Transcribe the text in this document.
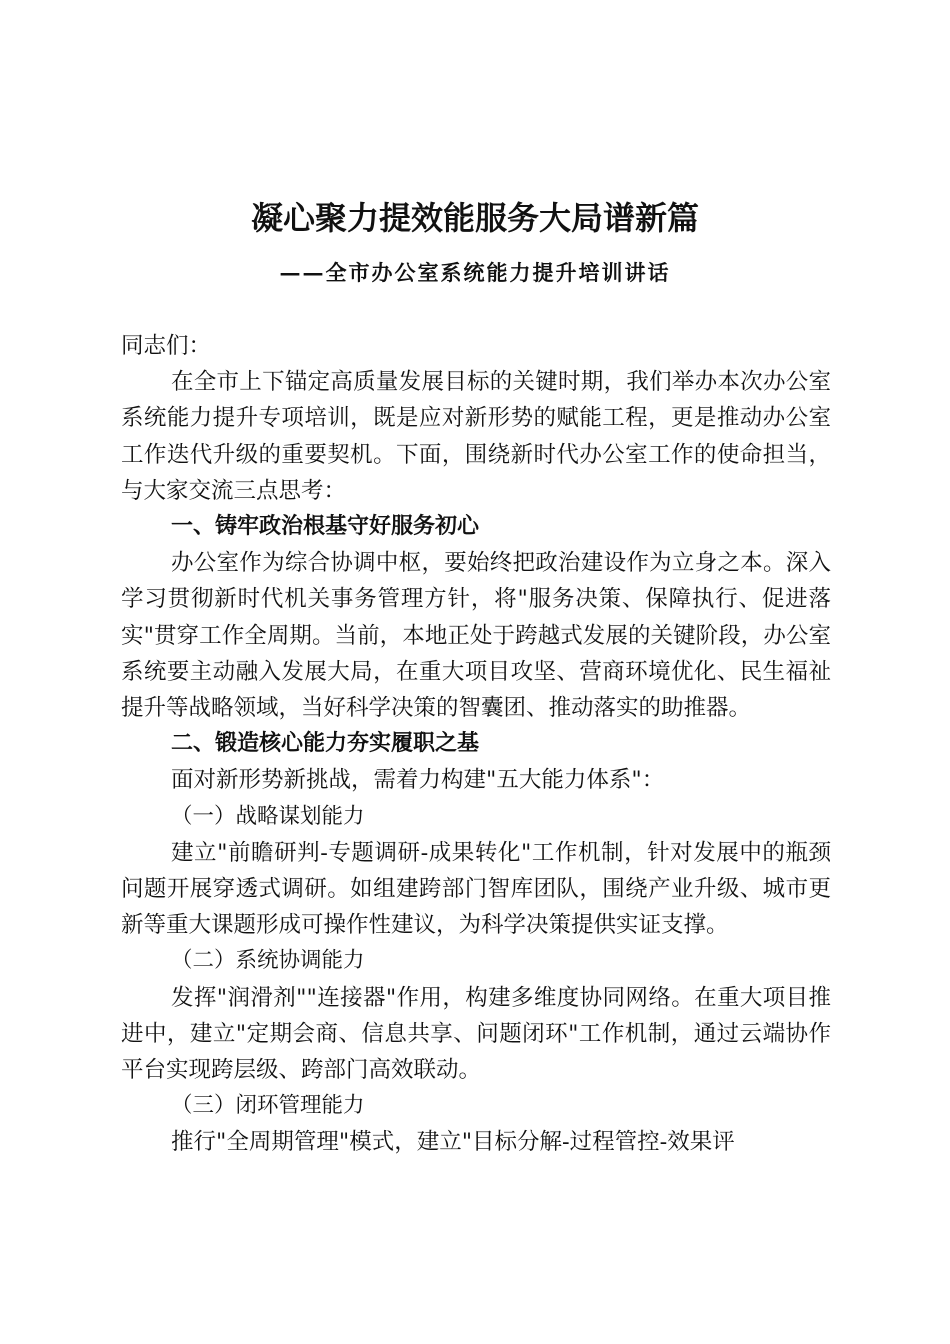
凝心聚力提效能服务大局谱新篇
——全市办公室系统能力提升培训讲话

同志们：

在全市上下锚定高质量发展目标的关键时期，我们举办本次办公室系统能力提升专项培训，既是应对新形势的赋能工程，更是推动办公室工作迭代升级的重要契机。下面，围绕新时代办公室工作的使命担当，与大家交流三点思考：

一、铸牢政治根基守好服务初心

办公室作为综合协调中枢，要始终把政治建设作为立身之本。深入学习贯彻新时代机关事务管理方针，将"服务决策、保障执行、促进落实"贯穿工作全周期。当前，本地正处于跨越式发展的关键阶段，办公室系统要主动融入发展大局，在重大项目攻坚、营商环境优化、民生福祉提升等战略领域，当好科学决策的智囊团、推动落实的助推器。

二、锻造核心能力夯实履职之基

面对新形势新挑战，需着力构建"五大能力体系"：

（一）战略谋划能力

建立"前瞻研判-专题调研-成果转化"工作机制，针对发展中的瓶颈问题开展穿透式调研。如组建跨部门智库团队，围绕产业升级、城市更新等重大课题形成可操作性建议，为科学决策提供实证支撑。

（二）系统协调能力

发挥"润滑剂""连接器"作用，构建多维度协同网络。在重大项目推进中，建立"定期会商、信息共享、问题闭环"工作机制，通过云端协作平台实现跨层级、跨部门高效联动。

（三）闭环管理能力

推行"全周期管理"模式，建立"目标分解-过程管控-效果评
